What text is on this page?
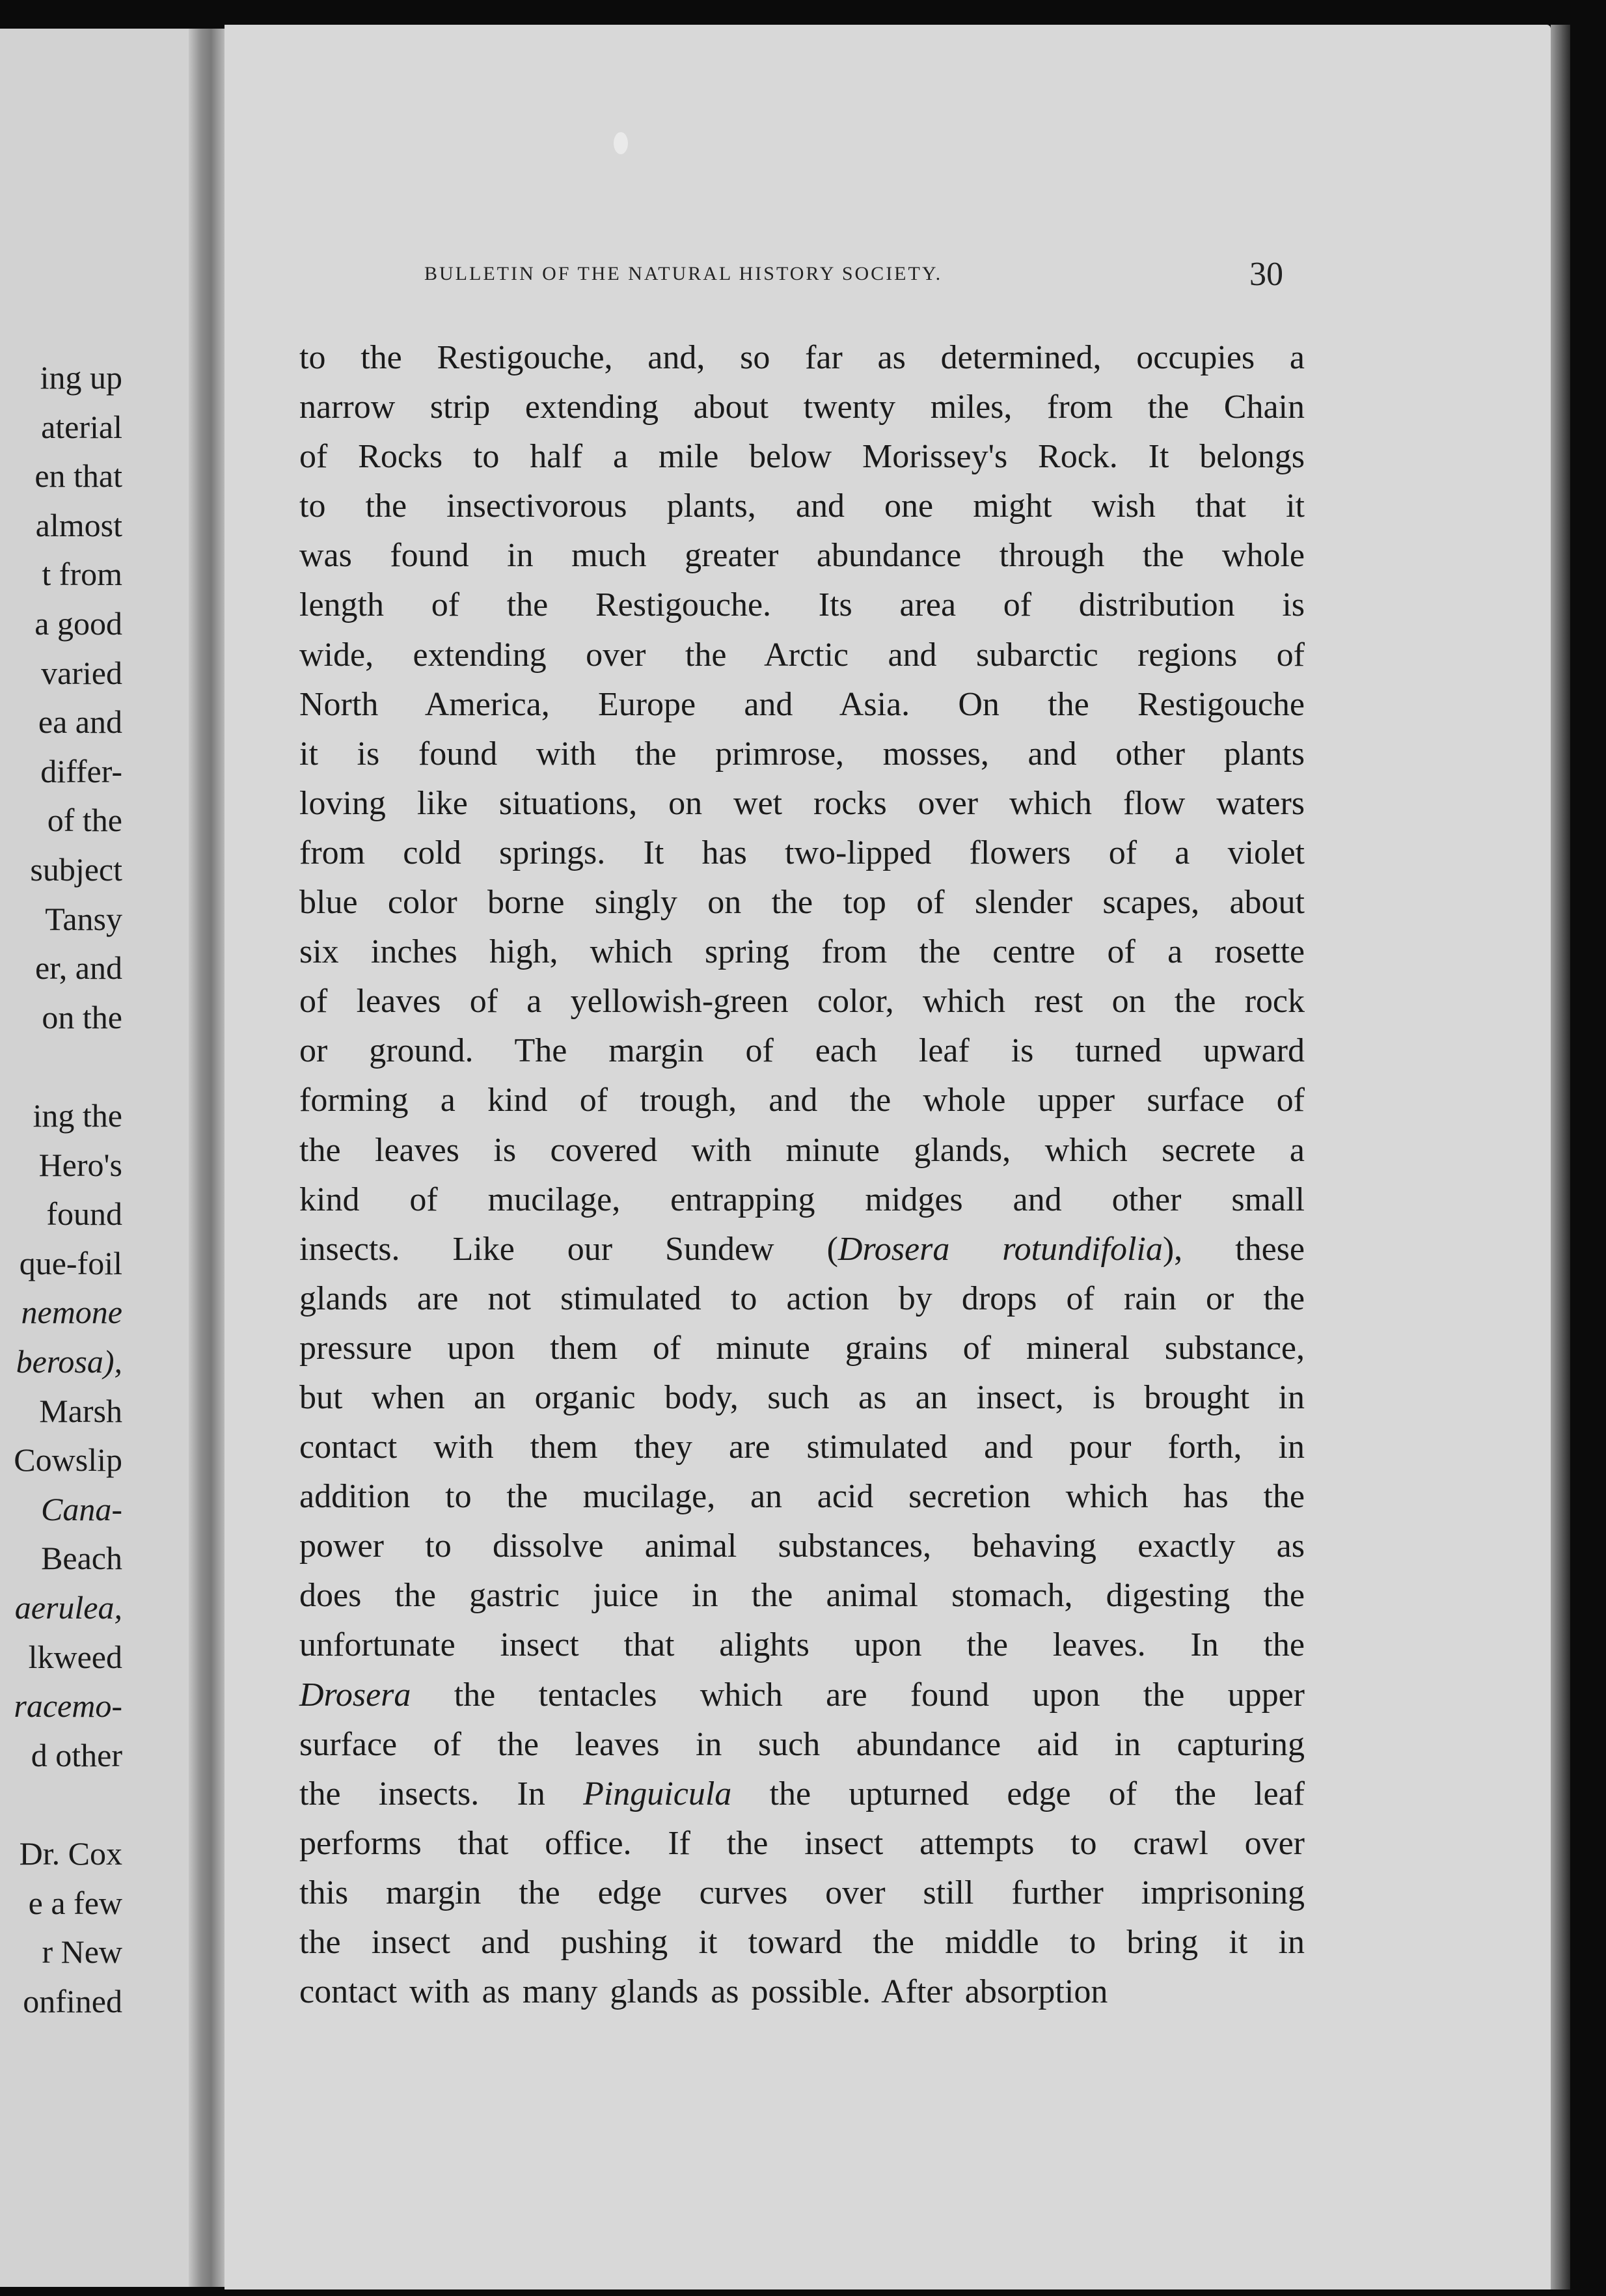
ing up
aterial
en that
almost
t from
a good
varied
ea and
differ-
of the
subject
Tansy
er, and
on the
ing the
Hero's
found
que-foil
nemone
berosa),
Marsh
Cowslip
Cana-
Beach
aerulea,
lkweed
racemo-
d other
Dr. Cox
e a few
r New
onfined
BULLETIN OF THE NATURAL HISTORY SOCIETY.	30
to the Restigouche, and, so far as determined, occupies a
narrow strip extending about twenty miles, from the Chain
of Rocks to half a mile below Morissey's Rock. It belongs
to the insectivorous plants, and one might wish that it
was found in much greater abundance through the whole
length of the Restigouche. Its area of distribution is
wide, extending over the Arctic and subarctic regions of
North America, Europe and Asia. On the Restigouche
it is found with the primrose, mosses, and other plants
loving like situations, on wet rocks over which flow waters
from cold springs. It has two-lipped flowers of a violet
blue color borne singly on the top of slender scapes, about
six inches high, which spring from the centre of a rosette
of leaves of a yellowish-green color, which rest on the rock
or ground. The margin of each leaf is turned upward
forming a kind of trough, and the whole upper surface of
the leaves is covered with minute glands, which secrete a
kind of mucilage, entrapping midges and other small
insects. Like our Sundew (Drosera rotundifolia), these
glands are not stimulated to action by drops of rain or the
pressure upon them of minute grains of mineral substance,
but when an organic body, such as an insect, is brought in
contact with them they are stimulated and pour forth, in
addition to the mucilage, an acid secretion which has the
power to dissolve animal substances, behaving exactly as
does the gastric juice in the animal stomach, digesting the
unfortunate insect that alights upon the leaves. In the
Drosera the tentacles which are found upon the upper
surface of the leaves in such abundance aid in capturing
the insects. In Pinguicula the upturned edge of the leaf
performs that office. If the insect attempts to crawl over
this margin the edge curves over still further imprisoning
the insect and pushing it toward the middle to bring it in
contact with as many glands as possible. After absorption
